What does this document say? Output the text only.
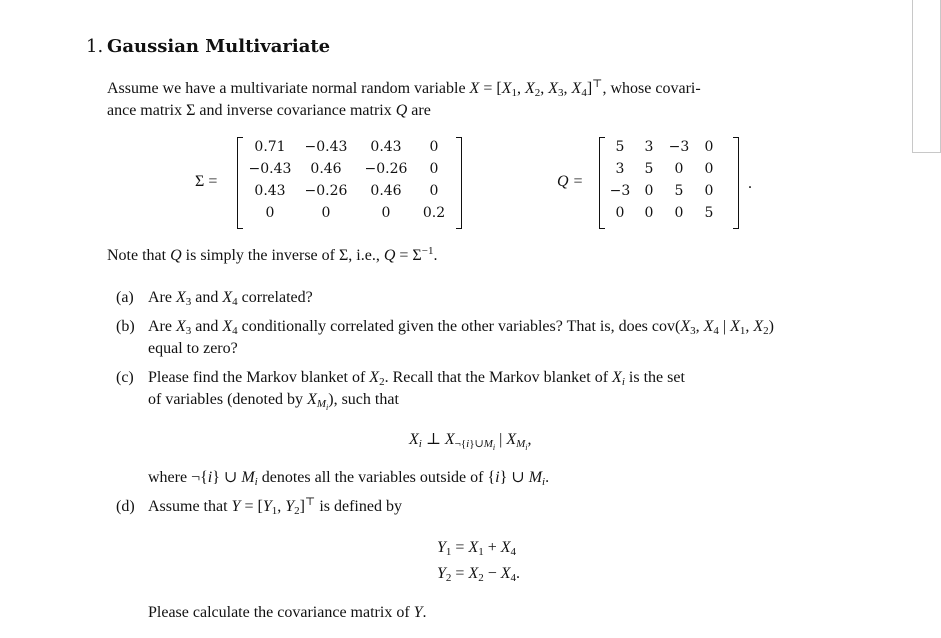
1. Gaussian Multivariate
Assume we have a multivariate normal random variable $X = [X_1$, $X_2$, $X_3$, $X_4]^⊤$, whose covari-
ance matrix Σ and inverse covariance matrix Q are
Σ =
0.71	−0.43	0.43	0
−0.43	0.46	−0.26	0
0.43	−0.26	0.46	0
0	0	0	0.2
Q =
5	3	−3	0
3	5	0	0
−3	0	5	0
0	0	0	5
.
Note that Q is simply the inverse of Σ, i.e., $Q = \Sigma^{-1}$.
(a) Are $X_3$ and $X_4$ correlated?
(b) Are $X_3$ and $X_4$ conditionally correlated given the other variables? That is, does $cov(X_3$, $X_4$ | $X_1$, $X_2$)
equal to zero?
(c) Please find the Markov blanket of $X_2$. Recall that the Markov blanket of $X_i$ is the set
of variables (denoted by $X_{M_i}$), such that
$X_i$ ⊥ $X_{\neg\{i\}\cup M_i}$ | $X_{M_i}$,
where ¬{i} ∪ $M_i$ denotes all the variables outside of {i} ∪ $M_i$.
(d) Assume that $Y = [Y_1$, $Y_2]^⊤$ is defined by
$Y_1 = X_1 + X_4$
$Y_2 = X_2 - X_4$.
Please calculate the covariance matrix of Y.
